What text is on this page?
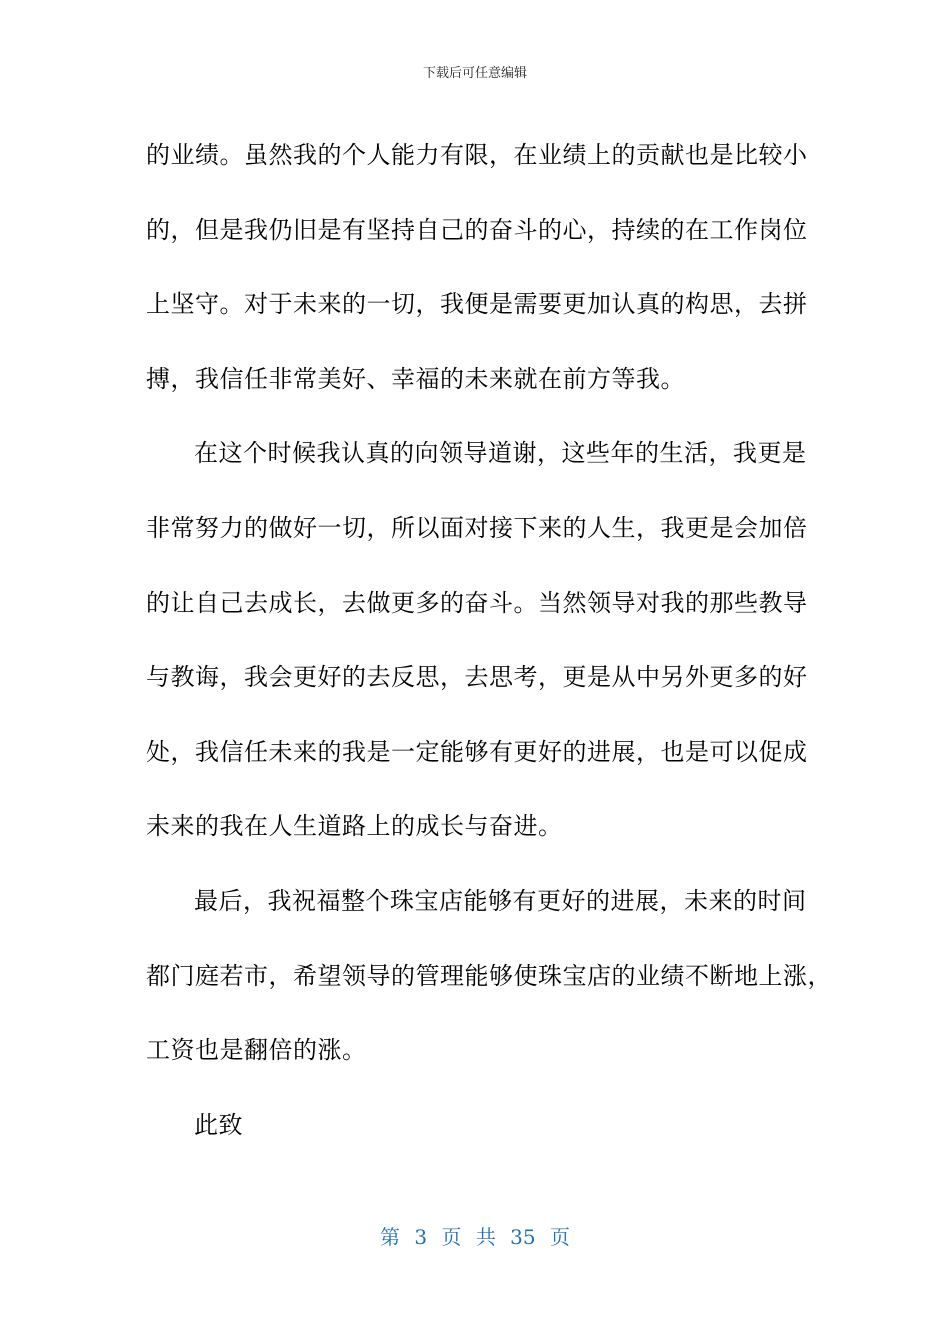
下载后可任意编辑
的业绩。虽然我的个人能力有限，在业绩上的贡献也是比较小
的，但是我仍旧是有坚持自己的奋斗的心，持续的在工作岗位
上坚守。对于未来的一切，我便是需要更加认真的构思，去拼
搏，我信任非常美好、幸福的未来就在前方等我。
在这个时候我认真的向领导道谢，这些年的生活，我更是
非常努力的做好一切，所以面对接下来的人生，我更是会加倍
的让自己去成长，去做更多的奋斗。当然领导对我的那些教导
与教诲，我会更好的去反思，去思考，更是从中另外更多的好
处，我信任未来的我是一定能够有更好的进展，也是可以促成
未来的我在人生道路上的成长与奋进。
最后，我祝福整个珠宝店能够有更好的进展，未来的时间
都门庭若市，希望领导的管理能够使珠宝店的业绩不断地上涨，
工资也是翻倍的涨。
此致
第 3 页 共 35 页
